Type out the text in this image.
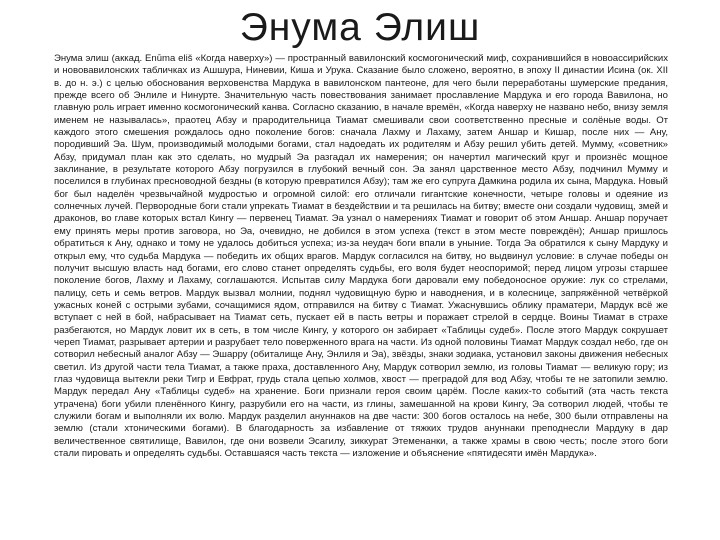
Энума Элиш

Энума элиш (аккад. Enūma eliš «Когда наверху») — пространный вавилонский космогонический миф, сохранившийся в новоассирийских и нововавилонских табличках из Ашшура, Ниневии, Киша и Урука. Сказание было сложено, вероятно, в эпоху II династии Исина (ок. XII в. до н. э.) с целью обоснования верховенства Мардука в вавилонском пантеоне, для чего были переработаны шумерские предания, прежде всего об Энлиле и Нинурте. Значительную часть повествования занимает прославление Мардука и его города Вавилона, но главную роль играет именно космогонический канва. Согласно сказанию, в начале времён, «Когда наверху не названо небо, внизу земля именем не называлась», праотец Абзу и прародительница Тиамат смешивали свои соответственно пресные и солёные воды. От каждого этого смешения рождалось одно поколение богов: сначала Лахму и Лахаму, затем Аншар и Кишар, после них — Ану, породивший Эа. Шум, производимый молодыми богами, стал надоедать их родителям и Абзу решил убить детей. Мумму, «советник» Абзу, придумал план как это сделать, но мудрый Эа разгадал их намерения; он начертил магический круг и произнёс мощное заклинание, в результате которого Абзу погрузился в глубокий вечный сон. Эа занял царственное место Абзу, подчинил Мумму и поселился в глубинах пресноводной бездны (в которую превратился Абзу); там же его супруга Дамкина родила их сына, Мардука. Новый бог был наделён чрезвычайной мудростью и огромной силой: его отличали гигантские конечности, четыре головы и одеяние из солнечных лучей. Первородные боги стали упрекать Тиамат в бездействии и та решилась на битву; вместе они создали чудовищ, змей и драконов, во главе которых встал Кингу — первенец Тиамат. Эа узнал о намерениях Тиамат и говорит об этом Аншар. Аншар поручает ему принять меры против заговора, но Эа, очевидно, не добился в этом успеха (текст в этом месте повреждён); Аншар пришлось обратиться к Ану, однако и тому не удалось добиться успеха; из-за неудач боги впали в уныние. Тогда Эа обратился к сыну Мардуку и открыл ему, что судьба Мардука — победить их общих врагов. Мардук согласился на битву, но выдвинул условие: в случае победы он получит высшую власть над богами, его слово станет определять судьбы, его воля будет неоспоримой; перед лицом угрозы старшее поколение богов, Лахму и Лахаму, соглашаются. Испытав силу Мардука боги даровали ему победоносное оружие: лук со стрелами, палицу, сеть и семь ветров. Мардук вызвал молнии, поднял чудовищную бурю и наводнения, и в колеснице, запряжённой четвёркой ужасных коней с острыми зубами, сочащимися ядом, отправился на битву с Тиамат. Ужаснувшись облику праматери, Мардук всё же вступает с ней в бой, набрасывает на Тиамат сеть, пускает ей в пасть ветры и поражает стрелой в сердце. Воины Тиамат в страхе разбегаются, но Мардук ловит их в сеть, в том числе Кингу, у которого он забирает «Таблицы судеб». После этого Мардук сокрушает череп Тиамат, разрывает артерии и разрубает тело поверженного врага на части. Из одной половины Тиамат Мардук создал небо, где он сотворил небесный аналог Абзу — Эшарру (обиталище Ану, Энлиля и Эа), звёзды, знаки зодиака, установил законы движения небесных светил. Из другой части тела Тиамат, а также праха, доставленного Ану, Мардук сотворил землю, из головы Тиамат — великую гору; из глаз чудовища вытекли реки Тигр и Евфрат, грудь стала цепью холмов, хвост — преградой для вод Абзу, чтобы те не затопили землю. Мардук передал Ану «Таблицы судеб» на хранение. Боги признали героя своим царём. После каких-то событий (эта часть текста утрачена) боги убили пленённого Кингу, разрубили его на части, из глины, замешанной на крови Кингу, Эа сотворил людей, чтобы те служили богам и выполняли их волю. Мардук разделил ануннаков на две части: 300 богов осталось на небе, 300 были отправлены на землю (стали хтоническими богами). В благодарность за избавление от тяжких трудов ануннаки преподнесли Мардуку в дар величественное святилище, Вавилон, где они возвели Эсагилу, зиккурат Этеменанки, а также храмы в свою честь; после этого боги стали пировать и определять судьбы. Оставшаяся часть текста — изложение и объяснение «пятидесяти имён Мардука».
